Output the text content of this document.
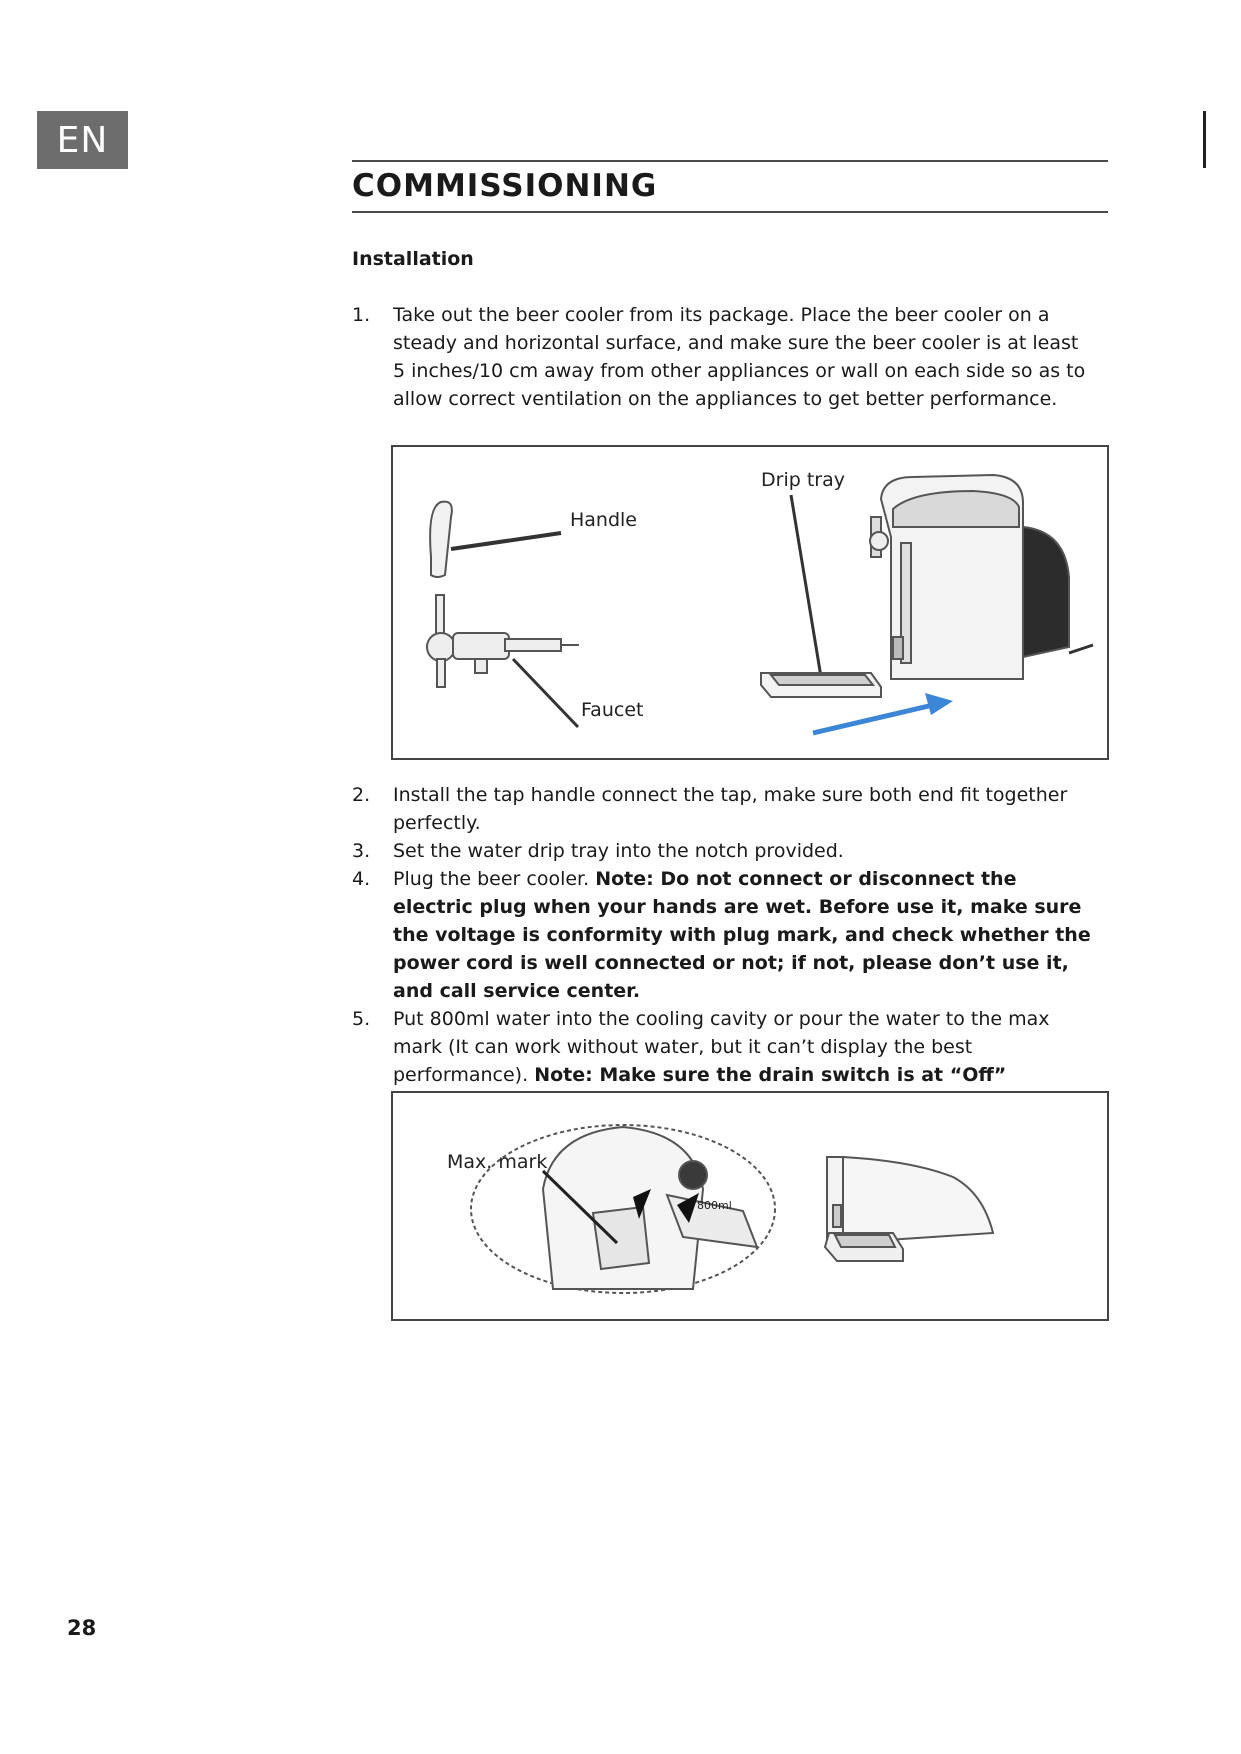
EN
COMMISSIONING
Installation
1. Take out the beer cooler from its package. Place the beer cooler on a steady and horizontal surface, and make sure the beer cooler is at least 5 inches/10 cm away from other appliances or wall on each side so as to allow correct ventilation on the appliances to get better performance.
Handle
Faucet
Drip tray
2. Install the tap handle connect the tap, make sure both end fit together perfectly.
3. Set the water drip tray into the notch provided.
4. Plug the beer cooler. Note: Do not connect or disconnect the electric plug when your hands are wet. Before use it, make sure the voltage is conformity with plug mark, and check whether the power cord is well connected or not; if not, please don’t use it, and call service center.
5. Put 800ml water into the cooling cavity or pour the water to the max mark (It can work without water, but it can’t display the best performance). Note: Make sure the drain switch is at “Off”
Max. mark
800ml
28
